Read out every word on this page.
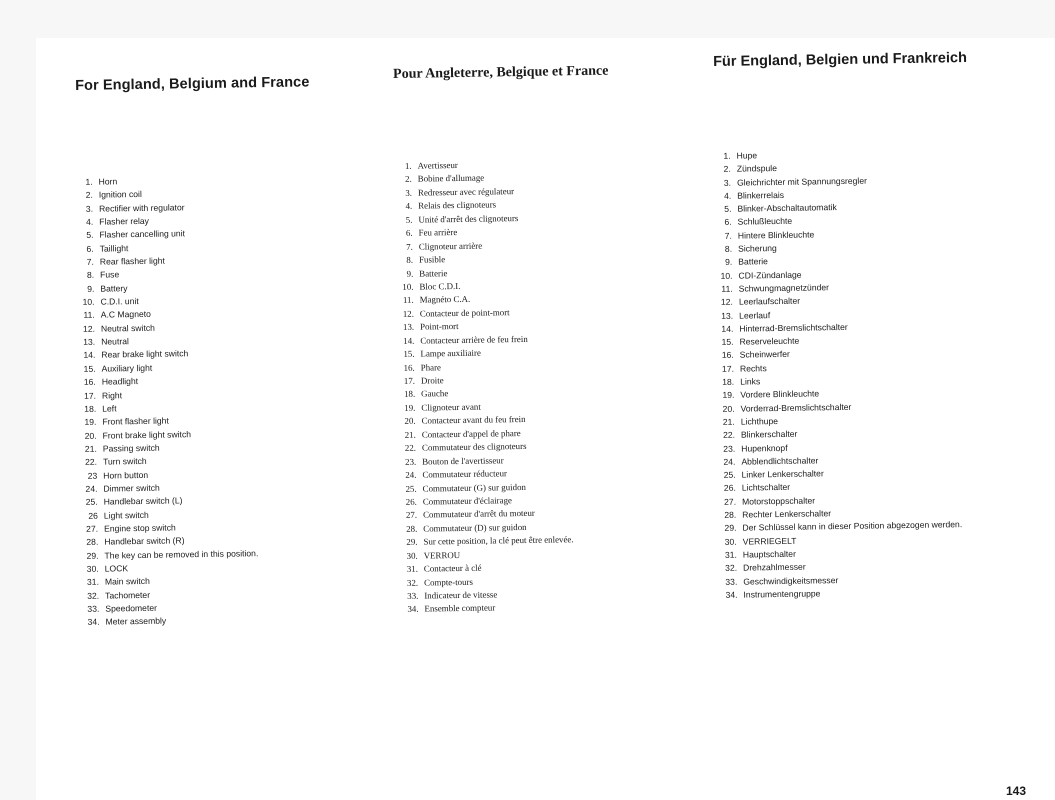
For England, Belgium and France
1. Horn
2. Ignition coil
3. Rectifier with regulator
4. Flasher relay
5. Flasher cancelling unit
6. Taillight
7. Rear flasher light
8. Fuse
9. Battery
10. C.D.I. unit
11. A.C Magneto
12. Neutral switch
13. Neutral
14. Rear brake light switch
15. Auxiliary light
16. Headlight
17. Right
18. Left
19. Front flasher light
20. Front brake light switch
21. Passing switch
22. Turn switch
23 Horn button
24. Dimmer switch
25. Handlebar switch (L)
26 Light switch
27. Engine stop switch
28. Handlebar switch (R)
29. The key can be removed in this position.
30. LOCK
31. Main switch
32. Tachometer
33. Speedometer
34. Meter assembly
Pour Angleterre, Belgique et France
1. Avertisseur
2. Bobine d'allumage
3. Redresseur avec régulateur
4. Relais des clignoteurs
5. Unité d'arrêt des clignoteurs
6. Feu arrière
7. Clignoteur arrière
8. Fusible
9. Batterie
10. Bloc C.D.I.
11. Magnéto C.A.
12. Contacteur de point-mort
13. Point-mort
14. Contacteur arrière de feu frein
15. Lampe auxiliaire
16. Phare
17. Droite
18. Gauche
19. Clignoteur avant
20. Contacteur avant du feu frein
21. Contacteur d'appel de phare
22. Commutateur des clignoteurs
23. Bouton de l'avertisseur
24. Commutateur réducteur
25. Commutateur (G) sur guidon
26. Commutateur d'éclairage
27. Commutateur d'arrêt du moteur
28. Commutateur (D) sur guidon
29. Sur cette position, la clé peut être enlevée.
30. VERROU
31. Contacteur à clé
32. Compte-tours
33. Indicateur de vitesse
34. Ensemble compteur
Für England, Belgien und Frankreich
1. Hupe
2. Zündspule
3. Gleichrichter mit Spannungsregler
4. Blinkerrelais
5. Blinker-Abschaltautomatik
6. Schlußleuchte
7. Hintere Blinkleuchte
8. Sicherung
9. Batterie
10. CDI-Zündanlage
11. Schwungmagnetzünder
12. Leerlaufschalter
13. Leerlauf
14. Hinterrad-Bremslichtschalter
15. Reserveleuchte
16. Scheinwerfer
17. Rechts
18. Links
19. Vordere Blinkleuchte
20. Vorderrad-Bremslichtschalter
21. Lichthupe
22. Blinkerschalter
23. Hupenknopf
24. Abblendlichtschalter
25. Linker Lenkerschalter
26. Lichtschalter
27. Motorstoppschalter
28. Rechter Lenkerschalter
29. Der Schlüssel kann in dieser Position abgezogen werden.
30. VERRIEGELT
31. Hauptschalter
32. Drehzahlmesser
33. Geschwindigkeitsmesser
34. Instrumentengruppe
143
